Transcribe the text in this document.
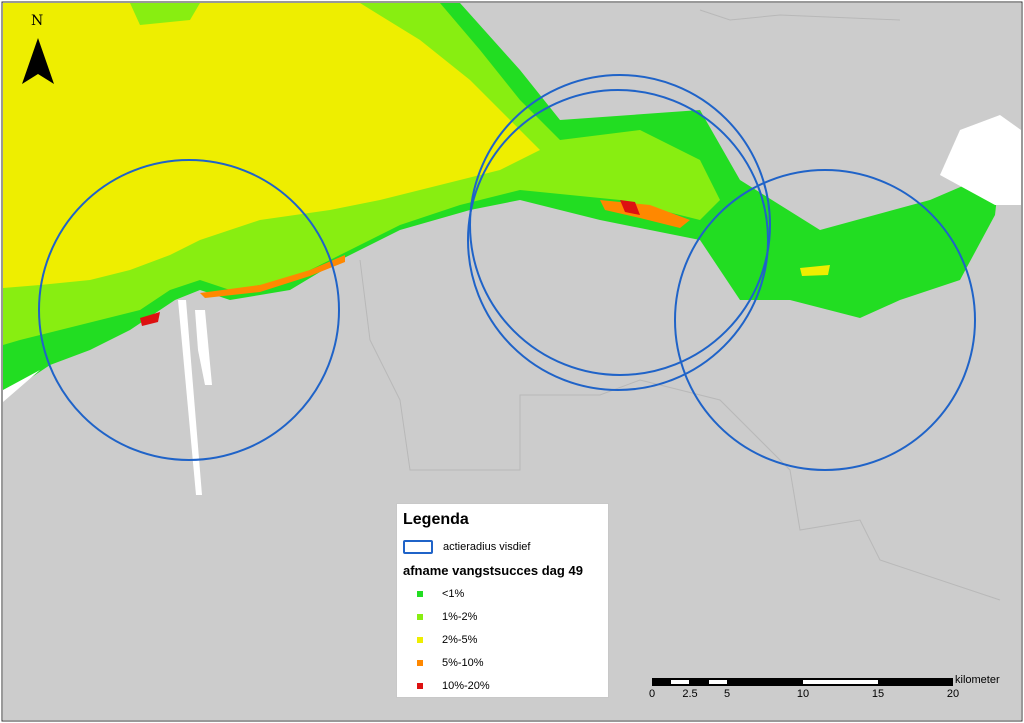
N
Legenda
actieradius visdief
afname vangstsucces dag 49
<1%
1%-2%
2%-5%
5%-10%
10%-20%
0 2.5 5	10	15	20
kilometer
